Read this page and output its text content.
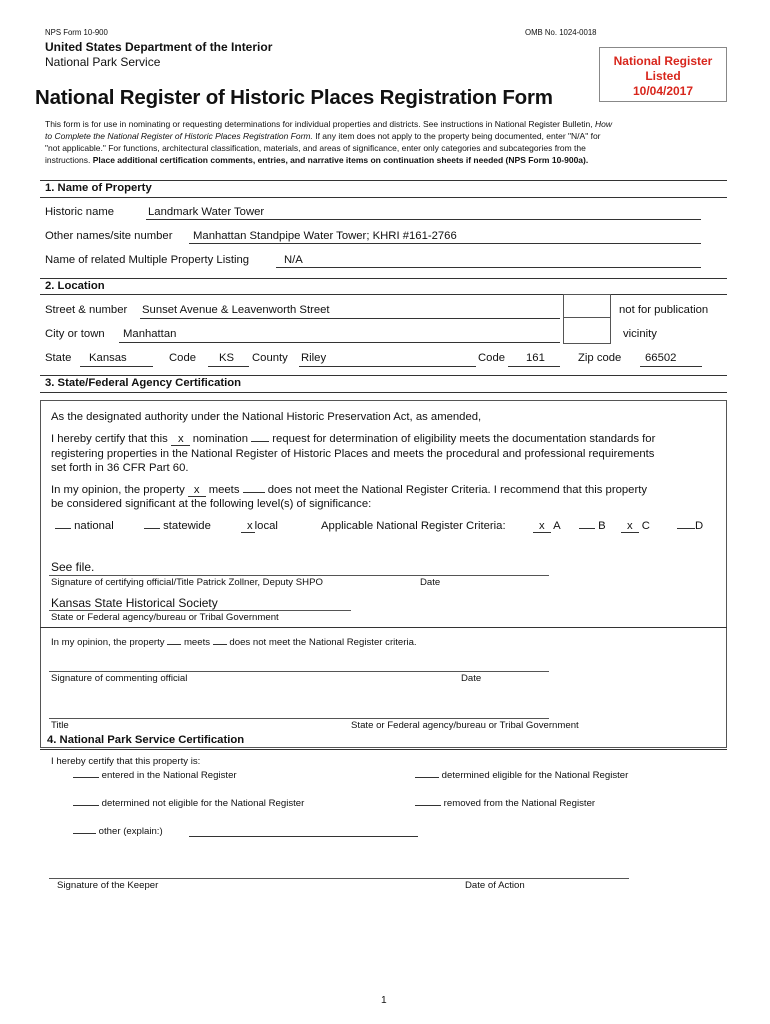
NPS Form 10-900	OMB No. 1024-0018
United States Department of the Interior
National Park Service
National Register of Historic Places Registration Form
National Register
Listed
10/04/2017
This form is for use in nominating or requesting determinations for individual properties and districts. See instructions in National Register Bulletin, How
to Complete the National Register of Historic Places Registration Form. If any item does not apply to the property being documented, enter "N/A" for
"not applicable." For functions, architectural classification, materials, and areas of significance, enter only categories and subcategories from the
instructions. Place additional certification comments, entries, and narrative items on continuation sheets if needed (NPS Form 10-900a).
1. Name of Property
Historic name	Landmark Water Tower
Other names/site number Manhattan Standpipe Water Tower; KHRI #161-2766
Name of related Multiple Property Listing	N/A
2. Location
Street & number Sunset Avenue & Leavenworth Street	not for publication
City or town Manhattan	vicinity
State Kansas	Code KS County Riley	Code 161	Zip code 66502
3. State/Federal Agency Certification
As the designated authority under the National Historic Preservation Act, as amended,
I hereby certify that this x nomination request for determination of eligibility meets the documentation standards for
registering properties in the National Register of Historic Places and meets the procedural and professional requirements
set forth in 36 CFR Part 60.
In my opinion, the property x meets	does not meet the National Register Criteria. I recommend that this property
be considered significant at the following level(s) of significance:
national	statewide	x local	Applicable National Register Criteria:	x A	B	x C	D
See file.
Signature of certifying official/Title Patrick Zollner, Deputy SHPO	Date
Kansas State Historical Society
State or Federal agency/bureau or Tribal Government
In my opinion, the property meets does not meet the National Register criteria.
Signature of commenting official	Date
Title	State or Federal agency/bureau or Tribal Government
4. National Park Service Certification
I hereby certify that this property is:
entered in the National Register	determined eligible for the National Register
determined not eligible for the National Register	removed from the National Register
other (explain:)
Signature of the Keeper	Date of Action
1
